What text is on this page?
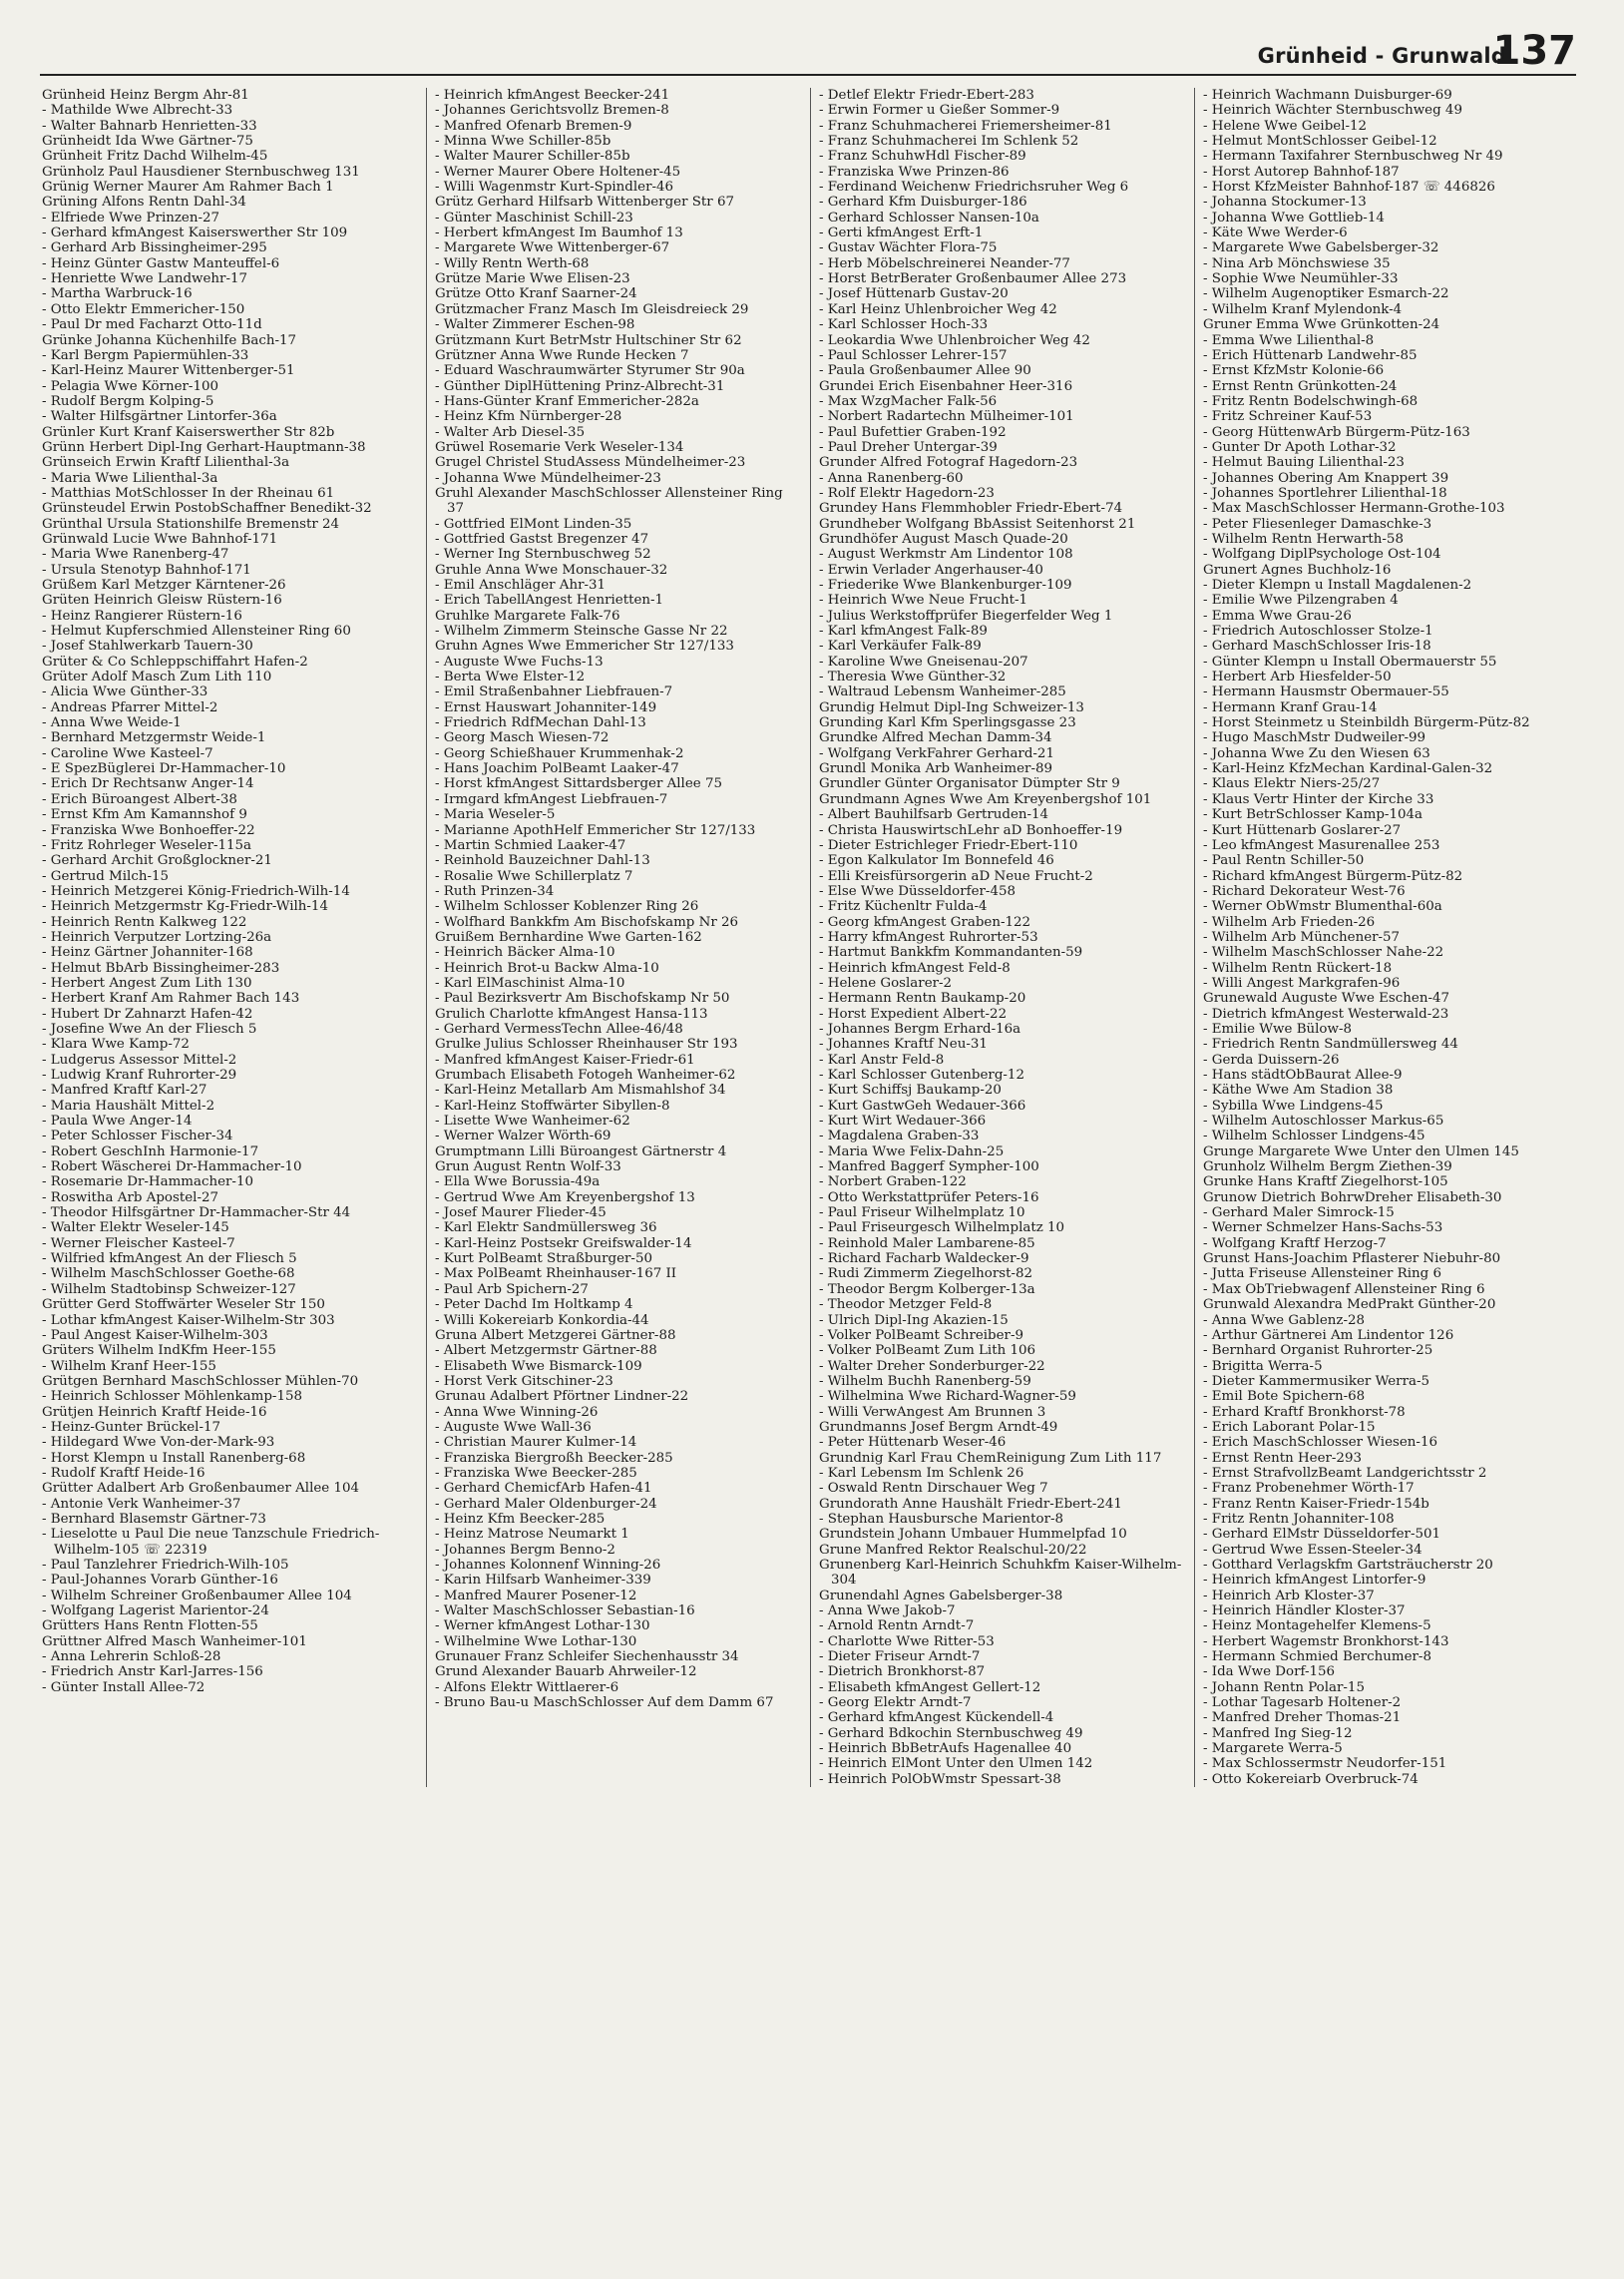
Grünheid - Grunwald
137
Grünheid Heinz Bergm Ahr-81
- Mathilde Wwe Albrecht-33
- Walter Bahnarb Henrietten-33
Grünheidt Ida Wwe Gärtner-75
Grünheit Fritz Dachd Wilhelm-45
Grünholz Paul Hausdiener Sternbuschweg 131
Grünig Werner Maurer Am Rahmer Bach 1
Grüning Alfons Rentn Dahl-34
- Elfriede Wwe Prinzen-27
- Gerhard kfmAngest Kaiserswerther Str 109
- Gerhard Arb Bissingheimer-295
- Heinz Günter Gastw Manteuffel-6
- Henriette Wwe Landwehr-17
- Martha Warbruck-16
- Otto Elektr Emmericher-150
- Paul Dr med Facharzt Otto-11d
Grünke Johanna Küchenhilfe Bach-17
- Karl Bergm Papiermühlen-33
- Karl-Heinz Maurer Wittenberger-51
- Pelagia Wwe Körner-100
- Rudolf Bergm Kolping-5
- Walter Hilfsgärtner Lintorfer-36a
Grünler Kurt Kranf Kaiserswerther Str 82b
Grünn Herbert Dipl-Ing Gerhart-Hauptmann-38
Grünseich Erwin Kraftf Lilienthal-3a
- Maria Wwe Lilienthal-3a
- Matthias MotSchlosser In der Rheinau 61
Grünsteudel Erwin PostobSchaffner Benedikt-32
Grünthal Ursula Stationshilfe Bremenstr 24
Grünwald Lucie Wwe Bahnhof-171
- Maria Wwe Ranenberg-47
- Ursula Stenotyp Bahnhof-171
Grüßem Karl Metzger Kärntener-26
Grüten Heinrich Gleisw Rüstern-16
- Heinz Rangierer Rüstern-16
- Helmut Kupferschmied Allensteiner Ring 60
- Josef Stahlwerkarb Tauern-30
Grüter & Co Schleppschiffahrt Hafen-2
Grüter Adolf Masch Zum Lith 110
- Alicia Wwe Günther-33
- Andreas Pfarrer Mittel-2
- Anna Wwe Weide-1
- Bernhard Metzgermstr Weide-1
- Caroline Wwe Kasteel-7
- E SpezBüglerei Dr-Hammacher-10
- Erich Dr Rechtsanw Anger-14
- Erich Büroangest Albert-38
- Ernst Kfm Am Kamannshof 9
- Franziska Wwe Bonhoeffer-22
- Fritz Rohrleger Weseler-115a
- Gerhard Archit Großglockner-21
- Gertrud Milch-15
- Heinrich Metzgerei König-Friedrich-Wilh-14
- Heinrich Metzgermstr Kg-Friedr-Wilh-14
- Heinrich Rentn Kalkweg 122
- Heinrich Verputzer Lortzing-26a
- Heinz Gärtner Johanniter-168
- Helmut BbArb Bissingheimer-283
- Herbert Angest Zum Lith 130
- Herbert Kranf Am Rahmer Bach 143
- Hubert Dr Zahnarzt Hafen-42
- Josefine Wwe An der Fliesch 5
- Klara Wwe Kamp-72
- Ludgerus Assessor Mittel-2
- Ludwig Kranf Ruhrorter-29
- Manfred Kraftf Karl-27
- Maria Haushält Mittel-2
- Paula Wwe Anger-14
- Peter Schlosser Fischer-34
- Robert GeschInh Harmonie-17
- Robert Wäscherei Dr-Hammacher-10
- Rosemarie Dr-Hammacher-10
- Roswitha Arb Apostel-27
- Theodor Hilfsgärtner Dr-Hammacher-Str 44
- Walter Elektr Weseler-145
- Werner Fleischer Kasteel-7
- Wilfried kfmAngest An der Fliesch 5
- Wilhelm MaschSchlosser Goethe-68
- Wilhelm Stadtobinsp Schweizer-127
Grütter Gerd Stoffwärter Weseler Str 150
- Lothar kfmAngest Kaiser-Wilhelm-Str 303
- Paul Angest Kaiser-Wilhelm-303
Grüters Wilhelm IndKfm Heer-155
- Wilhelm Kranf Heer-155
Grütgen Bernhard MaschSchlosser Mühlen-70
- Heinrich Schlosser Möhlenkamp-158
Grütjen Heinrich Kraftf Heide-16
- Heinz-Gunter Brückel-17
- Hildegard Wwe Von-der-Mark-93
- Horst Klempn u Install Ranenberg-68
- Rudolf Kraftf Heide-16
Grütter Adalbert Arb Großenbaumer Allee 104
- Antonie Verk Wanheimer-37
- Bernhard Blasemstr Gärtner-73
- Lieselotte u Paul Die neue Tanzschule Friedrich-Wilhelm-105 ☏ 22319
- Paul Tanzlehrer Friedrich-Wilh-105
- Paul-Johannes Vorarb Günther-16
- Wilhelm Schreiner Großenbaumer Allee 104
- Wolfgang Lagerist Marientor-24
Grütters Hans Rentn Flotten-55
Grüttner Alfred Masch Wanheimer-101
- Anna Lehrerin Schloß-28
- Friedrich Anstr Karl-Jarres-156
- Günter Install Allee-72
- Heinrich kfmAngest Beecker-241
- Johannes Gerichtsvollz Bremen-8
- Manfred Ofenarb Bremen-9
- Minna Wwe Schiller-85b
- Walter Maurer Schiller-85b
- Werner Maurer Obere Holtener-45
- Willi Wagenmstr Kurt-Spindler-46
Grütz Gerhard Hilfsarb Wittenberger Str 67
- Günter Maschinist Schill-23
- Herbert kfmAngest Im Baumhof 13
- Margarete Wwe Wittenberger-67
- Willy Rentn Werth-68
Grütze Marie Wwe Elisen-23
Grütze Otto Kranf Saarner-24
Grützmacher Franz Masch Im Gleisdreieck 29
- Walter Zimmerer Eschen-98
Grützmann Kurt BetrMstr Hultschiner Str 62
Grützner Anna Wwe Runde Hecken 7
- Eduard Waschraumwärter Styrumer Str 90a
- Günther DiplHüttening Prinz-Albrecht-31
- Hans-Günter Kranf Emmericher-282a
- Heinz Kfm Nürnberger-28
- Walter Arb Diesel-35
Grüwel Rosemarie Verk Weseler-134
Grugel Christel StudAssess Mündelheimer-23
- Johanna Wwe Mündelheimer-23
Gruhl Alexander MaschSchlosser Allensteiner Ring 37
- Gottfried ElMont Linden-35
- Gottfried Gastst Bregenzer 47
- Werner Ing Sternbuschweg 52
Gruhle Anna Wwe Monschauer-32
- Emil Anschläger Ahr-31
- Erich TabellAngest Henrietten-1
Gruhlke Margarete Falk-76
- Wilhelm Zimmerm Steinsche Gasse Nr 22
Gruhn Agnes Wwe Emmericher Str 127/133
- Auguste Wwe Fuchs-13
- Berta Wwe Elster-12
- Emil Straßenbahner Liebfrauen-7
- Ernst Hauswart Johanniter-149
- Friedrich RdfMechan Dahl-13
- Georg Masch Wiesen-72
- Georg Schießhauer Krummenhak-2
- Hans Joachim PolBeamt Laaker-47
- Horst kfmAngest Sittardsberger Allee 75
- Irmgard kfmAngest Liebfrauen-7
- Maria Weseler-5
- Marianne ApothHelf Emmericher Str 127/133
- Martin Schmied Laaker-47
- Reinhold Bauzeichner Dahl-13
- Rosalie Wwe Schillerplatz 7
- Ruth Prinzen-34
- Wilhelm Schlosser Koblenzer Ring 26
- Wolfhard Bankkfm Am Bischofskamp Nr 26
Gruißem Bernhardine Wwe Garten-162
- Heinrich Bäcker Alma-10
- Heinrich Brot-u Backw Alma-10
- Karl ElMaschinist Alma-10
- Paul Bezirksvertr Am Bischofskamp Nr 50
Grulich Charlotte kfmAngest Hansa-113
- Gerhard VermessTechn Allee-46/48
Grulke Julius Schlosser Rheinhauser Str 193
- Manfred kfmAngest Kaiser-Friedr-61
Grumbach Elisabeth Fotogeh Wanheimer-62
- Karl-Heinz Metallarb Am Mismahlshof 34
- Karl-Heinz Stoffwärter Sibyllen-8
- Lisette Wwe Wanheimer-62
- Werner Walzer Wörth-69
Grumptmann Lilli Büroangest Gärtnerstr 4
Grun August Rentn Wolf-33
- Ella Wwe Borussia-49a
- Gertrud Wwe Am Kreyenbergshof 13
- Josef Maurer Flieder-45
- Karl Elektr Sandmüllersweg 36
- Karl-Heinz Postsekr Greifswalder-14
- Kurt PolBeamt Straßburger-50
- Max PolBeamt Rheinhauser-167 II
- Paul Arb Spichern-27
- Peter Dachd Im Holtkamp 4
- Willi Kokereiarb Konkordia-44
Gruna Albert Metzgerei Gärtner-88
- Albert Metzgermstr Gärtner-88
- Elisabeth Wwe Bismarck-109
- Horst Verk Gitschiner-23
Grunau Adalbert Pförtner Lindner-22
- Anna Wwe Winning-26
- Auguste Wwe Wall-36
- Christian Maurer Kulmer-14
- Franziska Biergroßh Beecker-285
- Franziska Wwe Beecker-285
- Gerhard ChemicfArb Hafen-41
- Gerhard Maler Oldenburger-24
- Heinz Kfm Beecker-285
- Heinz Matrose Neumarkt 1
- Johannes Bergm Benno-2
- Johannes Kolonnenf Winning-26
- Karin Hilfsarb Wanheimer-339
- Manfred Maurer Posener-12
- Walter MaschSchlosser Sebastian-16
- Werner kfmAngest Lothar-130
- Wilhelmine Wwe Lothar-130
Grunauer Franz Schleifer Siechenhausstr 34
Grund Alexander Bauarb Ahrweiler-12
- Alfons Elektr Wittlaerer-6
- Bruno Bau-u MaschSchlosser Auf dem Damm 67
- Detlef Elektr Friedr-Ebert-283
- Erwin Former u Gießer Sommer-9
- Franz Schuhmacherei Friemersheimer-81
- Franz Schuhmacherei Im Schlenk 52
- Franz SchuhwHdl Fischer-89
- Franziska Wwe Prinzen-86
- Ferdinand Weichenw Friedrichsruher Weg 6
- Gerhard Kfm Duisburger-186
- Gerhard Schlosser Nansen-10a
- Gerti kfmAngest Erft-1
- Gustav Wächter Flora-75
- Herb Möbelschreinerei Neander-77
- Horst BetrBerater Großenbaumer Allee 273
- Josef Hüttenarb Gustav-20
- Karl Heinz Uhlenbroicher Weg 42
- Karl Schlosser Hoch-33
- Leokardia Wwe Uhlenbroicher Weg 42
- Paul Schlosser Lehrer-157
- Paula Großenbaumer Allee 90
Grundei Erich Eisenbahner Heer-316
- Max WzgMacher Falk-56
- Norbert Radartechn Mülheimer-101
- Paul Bufettier Graben-192
- Paul Dreher Untergar-39
Grunder Alfred Fotograf Hagedorn-23
- Anna Ranenberg-60
- Rolf Elektr Hagedorn-23
Grundey Hans Flemmhobler Friedr-Ebert-74
Grundheber Wolfgang BbAssist Seitenhorst 21
Grundhöfer August Masch Quade-20
- August Werkmstr Am Lindentor 108
- Erwin Verlader Angerhauser-40
- Friederike Wwe Blankenburger-109
- Heinrich Wwe Neue Frucht-1
- Julius Werkstoffprüfer Biegerfelder Weg 1
- Karl kfmAngest Falk-89
- Karl Verkäufer Falk-89
- Karoline Wwe Gneisenau-207
- Theresia Wwe Günther-32
- Waltraud Lebensm Wanheimer-285
Grundig Helmut Dipl-Ing Schweizer-13
Grunding Karl Kfm Sperlingsgasse 23
Grundke Alfred Mechan Damm-34
- Wolfgang VerkFahrer Gerhard-21
Grundl Monika Arb Wanheimer-89
Grundler Günter Organisator Dümpter Str 9
Grundmann Agnes Wwe Am Kreyenbergshof 101
- Albert Bauhilfsarb Gertruden-14
- Christa HauswirtschLehr aD Bonhoeffer-19
- Dieter Estrichleger Friedr-Ebert-110
- Egon Kalkulator Im Bonnefeld 46
- Elli Kreisfürsorgerin aD Neue Frucht-2
- Else Wwe Düsseldorfer-458
- Fritz Küchenltr Fulda-4
- Georg kfmAngest Graben-122
- Harry kfmAngest Ruhrorter-53
- Hartmut Bankkfm Kommandanten-59
- Heinrich kfmAngest Feld-8
- Helene Goslarer-2
- Hermann Rentn Baukamp-20
- Horst Expedient Albert-22
- Johannes Bergm Erhard-16a
- Johannes Kraftf Neu-31
- Karl Anstr Feld-8
- Karl Schlosser Gutenberg-12
- Kurt Schiffsj Baukamp-20
- Kurt GastwGeh Wedauer-366
- Kurt Wirt Wedauer-366
- Magdalena Graben-33
- Maria Wwe Felix-Dahn-25
- Manfred Baggerf Sympher-100
- Norbert Graben-122
- Otto Werkstattprüfer Peters-16
- Paul Friseur Wilhelmplatz 10
- Paul Friseurgesch Wilhelmplatz 10
- Reinhold Maler Lambarene-85
- Richard Facharb Waldecker-9
- Rudi Zimmerm Ziegelhorst-82
- Theodor Bergm Kolberger-13a
- Theodor Metzger Feld-8
- Ulrich Dipl-Ing Akazien-15
- Volker PolBeamt Schreiber-9
- Volker PolBeamt Zum Lith 106
- Walter Dreher Sonderburger-22
- Wilhelm Buchh Ranenberg-59
- Wilhelmina Wwe Richard-Wagner-59
- Willi VerwAngest Am Brunnen 3
Grundmanns Josef Bergm Arndt-49
- Peter Hüttenarb Weser-46
Grundnig Karl Frau ChemReinigung Zum Lith 117
- Karl Lebensm Im Schlenk 26
- Oswald Rentn Dirschauer Weg 7
Grundorath Anne Haushält Friedr-Ebert-241
- Stephan Hausbursche Marientor-8
Grundstein Johann Umbauer Hummelpfad 10
Grune Manfred Rektor Realschul-20/22
Grunenberg Karl-Heinrich Schuhkfm Kaiser-Wilhelm-304
Grunendahl Agnes Gabelsberger-38
- Anna Wwe Jakob-7
- Arnold Rentn Arndt-7
- Charlotte Wwe Ritter-53
- Dieter Friseur Arndt-7
- Dietrich Bronkhorst-87
- Elisabeth kfmAngest Gellert-12
- Georg Elektr Arndt-7
- Gerhard kfmAngest Kückendell-4
- Gerhard Bdkochin Sternbuschweg 49
- Heinrich BbBetrAufs Hagenallee 40
- Heinrich ElMont Unter den Ulmen 142
- Heinrich PolObWmstr Spessart-38
- Heinrich Wachmann Duisburger-69
- Heinrich Wächter Sternbuschweg 49
- Helene Wwe Geibel-12
- Helmut MontSchlosser Geibel-12
- Hermann Taxifahrer Sternbuschweg Nr 49
- Horst Autorep Bahnhof-187
- Horst KfzMeister Bahnhof-187 ☏ 446826
- Johanna Stockumer-13
- Johanna Wwe Gottlieb-14
- Käte Wwe Werder-6
- Margarete Wwe Gabelsberger-32
- Nina Arb Mönchswiese 35
- Sophie Wwe Neumühler-33
- Wilhelm Augenoptiker Esmarch-22
- Wilhelm Kranf Mylendonk-4
Gruner Emma Wwe Grünkotten-24
- Emma Wwe Lilienthal-8
- Erich Hüttenarb Landwehr-85
- Ernst KfzMstr Kolonie-66
- Ernst Rentn Grünkotten-24
- Fritz Rentn Bodelschwingh-68
- Fritz Schreiner Kauf-53
- Georg HüttenwArb Bürgerm-Pütz-163
- Gunter Dr Apoth Lothar-32
- Helmut Bauing Lilienthal-23
- Johannes Obering Am Knappert 39
- Johannes Sportlehrer Lilienthal-18
- Max MaschSchlosser Hermann-Grothe-103
- Peter Fliesenleger Damaschke-3
- Wilhelm Rentn Herwarth-58
- Wolfgang DiplPsychologe Ost-104
Grunert Agnes Buchholz-16
- Dieter Klempn u Install Magdalenen-2
- Emilie Wwe Pilzengraben 4
- Emma Wwe Grau-26
- Friedrich Autoschlosser Stolze-1
- Gerhard MaschSchlosser Iris-18
- Günter Klempn u Install Obermauerstr 55
- Herbert Arb Hiesfelder-50
- Hermann Hausmstr Obermauer-55
- Hermann Kranf Grau-14
- Horst Steinmetz u Steinbildh Bürgerm-Pütz-82
- Hugo MaschMstr Dudweiler-99
- Johanna Wwe Zu den Wiesen 63
- Karl-Heinz KfzMechan Kardinal-Galen-32
- Klaus Elektr Niers-25/27
- Klaus Vertr Hinter der Kirche 33
- Kurt BetrSchlosser Kamp-104a
- Kurt Hüttenarb Goslarer-27
- Leo kfmAngest Masurenallee 253
- Paul Rentn Schiller-50
- Richard kfmAngest Bürgerm-Pütz-82
- Richard Dekorateur West-76
- Werner ObWmstr Blumenthal-60a
- Wilhelm Arb Frieden-26
- Wilhelm Arb Münchener-57
- Wilhelm MaschSchlosser Nahe-22
- Wilhelm Rentn Rückert-18
- Willi Angest Markgrafen-96
Grunewald Auguste Wwe Eschen-47
- Dietrich kfmAngest Westerwald-23
- Emilie Wwe Bülow-8
- Friedrich Rentn Sandmüllersweg 44
- Gerda Duissern-26
- Hans städtObBaurat Allee-9
- Käthe Wwe Am Stadion 38
- Sybilla Wwe Lindgens-45
- Wilhelm Autoschlosser Markus-65
- Wilhelm Schlosser Lindgens-45
Grunge Margarete Wwe Unter den Ulmen 145
Grunholz Wilhelm Bergm Ziethen-39
Grunke Hans Kraftf Ziegelhorst-105
Grunow Dietrich BohrwDreher Elisabeth-30
- Gerhard Maler Simrock-15
- Werner Schmelzer Hans-Sachs-53
- Wolfgang Kraftf Herzog-7
Grunst Hans-Joachim Pflasterer Niebuhr-80
- Jutta Friseuse Allensteiner Ring 6
- Max ObTriebwagenf Allensteiner Ring 6
Grunwald Alexandra MedPrakt Günther-20
- Anna Wwe Gablenz-28
- Arthur Gärtnerei Am Lindentor 126
- Bernhard Organist Ruhrorter-25
- Brigitta Werra-5
- Dieter Kammermusiker Werra-5
- Emil Bote Spichern-68
- Erhard Kraftf Bronkhorst-78
- Erich Laborant Polar-15
- Erich MaschSchlosser Wiesen-16
- Ernst Rentn Heer-293
- Ernst StrafvollzBeamt Landgerichtsstr 2
- Franz Probenehmer Wörth-17
- Franz Rentn Kaiser-Friedr-154b
- Fritz Rentn Johanniter-108
- Gerhard ElMstr Düsseldorfer-501
- Gertrud Wwe Essen-Steeler-34
- Gotthard Verlagskfm Gartsträucherstr 20
- Heinrich kfmAngest Lintorfer-9
- Heinrich Arb Kloster-37
- Heinrich Händler Kloster-37
- Heinz Montagehelfer Klemens-5
- Herbert Wagemstr Bronkhorst-143
- Hermann Schmied Berchumer-8
- Ida Wwe Dorf-156
- Johann Rentn Polar-15
- Lothar Tagesarb Holtener-2
- Manfred Dreher Thomas-21
- Manfred Ing Sieg-12
- Margarete Werra-5
- Max Schlossermstr Neudorfer-151
- Otto Kokereiarb Overbruck-74
